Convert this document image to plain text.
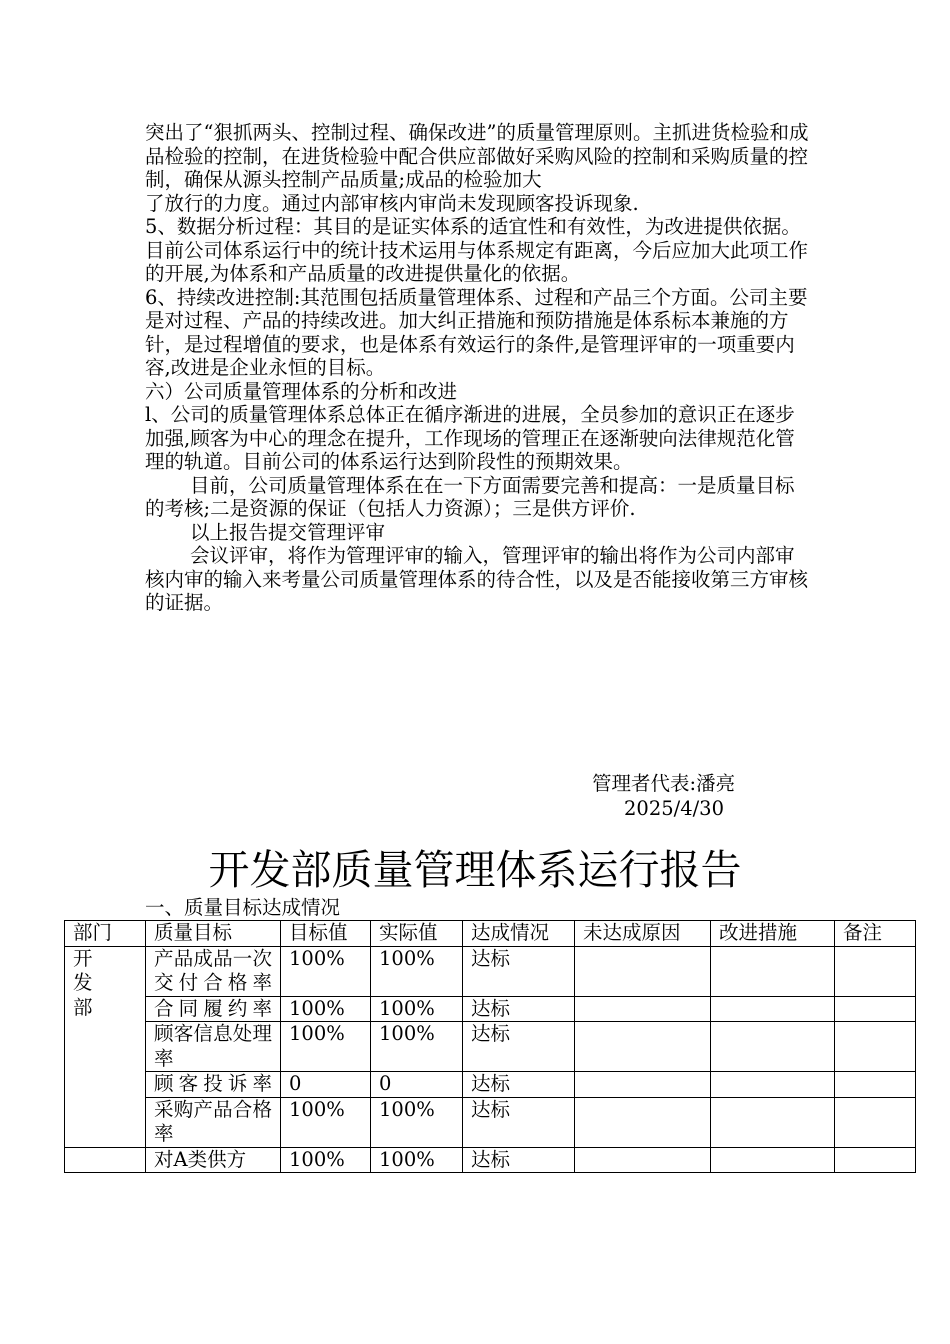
突出了“狠抓两头、控制过程、确保改进”的质量管理原则。主抓进货检验和成品检验的控制，在进货检验中配合供应部做好采购风险的控制和采购质量的控制，确保从源头控制产品质量;成品的检验加大

了放行的力度。通过内部审核内审尚未发现顾客投诉现象.

5、数据分析过程：其目的是证实体系的适宜性和有效性，为改进提供依据。目前公司体系运行中的统计技术运用与体系规定有距离，今后应加大此项工作的开展,为体系和产品质量的改进提供量化的依据。

6、持续改进控制:其范围包括质量管理体系、过程和产品三个方面。公司主要是对过程、产品的持续改进。加大纠正措施和预防措施是体系标本兼施的方针，是过程增值的要求，也是体系有效运行的条件,是管理评审的一项重要内容,改进是企业永恒的目标。

六）公司质量管理体系的分析和改进

l、公司的质量管理体系总体正在循序渐进的进展，全员参加的意识正在逐步加强,顾客为中心的理念在提升，工作现场的管理正在逐渐驶向法律规范化管理的轨道。目前公司的体系运行达到阶段性的预期效果。

目前，公司质量管理体系在在一下方面需要完善和提高：一是质量目标的考核;二是资源的保证（包括人力资源）；三是供方评价.

以上报告提交管理评审

会议评审，将作为管理评审的输入，管理评审的输出将作为公司内部审核内审的输入来考量公司质量管理体系的待合性，以及是否能接收第三方审核的证据。

管理者代表:潘亮
2025/4/30
开发部质量管理体系运行报告
一、质量目标达成情况
部门	质量目标	目标值	实际值	达成情况	未达成原因	改进措施	备注

开发部	产品成品一次交付合格率	100%	100%	达标			
	合同履约率	100%	100%	达标			
	顾客信息处理率	100%	100%	达标			
	顾客投诉率	0	0	达标			
	采购产品合格率	100%	100%	达标			
	对A类供方	100%	100%	达标			
